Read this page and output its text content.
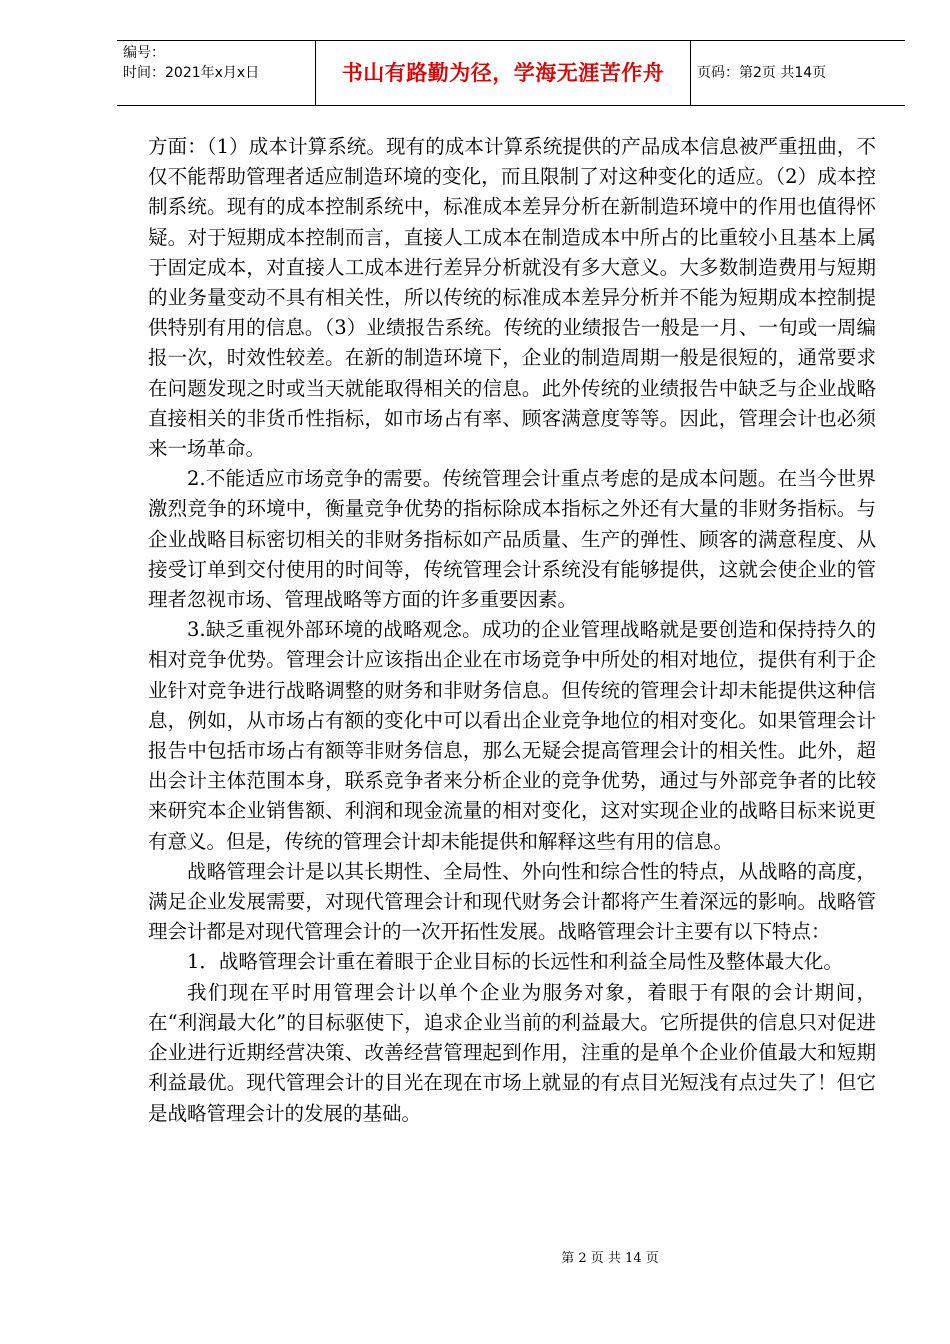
编号：
时间：2021年x月x日	书山有路勤为径，学海无涯苦作舟 页码：第2页 共14页

方面：（1）成本计算系统。现有的成本计算系统提供的产品成本信息被严重扭曲，不仅不能帮助管理者适应制造环境的变化，而且限制了对这种变化的适应。（2）成本控制系统。现有的成本控制系统中，标准成本差异分析在新制造环境中的作用也值得怀疑。对于短期成本控制而言，直接人工成本在制造成本中所占的比重较小且基本上属于固定成本，对直接人工成本进行差异分析就没有多大意义。大多数制造费用与短期的业务量变动不具有相关性，所以传统的标准成本差异分析并不能为短期成本控制提供特别有用的信息。（3）业绩报告系统。传统的业绩报告一般是一月、一旬或一周编报一次，时效性较差。在新的制造环境下，企业的制造周期一般是很短的，通常要求在问题发现之时或当天就能取得相关的信息。此外传统的业绩报告中缺乏与企业战略直接相关的非货币性指标，如市场占有率、顾客满意度等等。因此，管理会计也必须来一场革命。

2.不能适应市场竞争的需要。传统管理会计重点考虑的是成本问题。在当今世界激烈竞争的环境中，衡量竞争优势的指标除成本指标之外还有大量的非财务指标。与企业战略目标密切相关的非财务指标如产品质量、生产的弹性、顾客的满意程度、从接受订单到交付使用的时间等，传统管理会计系统没有能够提供，这就会使企业的管理者忽视市场、管理战略等方面的许多重要因素。

3.缺乏重视外部环境的战略观念。成功的企业管理战略就是要创造和保持持久的相对竞争优势。管理会计应该指出企业在市场竞争中所处的相对地位，提供有利于企业针对竞争进行战略调整的财务和非财务信息。但传统的管理会计却未能提供这种信息，例如，从市场占有额的变化中可以看出企业竞争地位的相对变化。如果管理会计报告中包括市场占有额等非财务信息，那么无疑会提高管理会计的相关性。此外，超出会计主体范围本身，联系竞争者来分析企业的竞争优势，通过与外部竞争者的比较来研究本企业销售额、利润和现金流量的相对变化，这对实现企业的战略目标来说更有意义。但是，传统的管理会计却未能提供和解释这些有用的信息。

战略管理会计是以其长期性、全局性、外向性和综合性的特点，从战略的高度，满足企业发展需要，对现代管理会计和现代财务会计都将产生着深远的影响。战略管理会计都是对现代管理会计的一次开拓性发展。战略管理会计主要有以下特点：

1．战略管理会计重在着眼于企业目标的长远性和利益全局性及整体最大化。

我们现在平时用管理会计以单个企业为服务对象，着眼于有限的会计期间，在“利润最大化”的目标驱使下，追求企业当前的利益最大。它所提供的信息只对促进企业进行近期经营决策、改善经营管理起到作用，注重的是单个企业价值最大和短期利益最优。现代管理会计的目光在现在市场上就显的有点目光短浅有点过失了！但它是战略管理会计的发展的基础。

第 2 页 共 14 页
